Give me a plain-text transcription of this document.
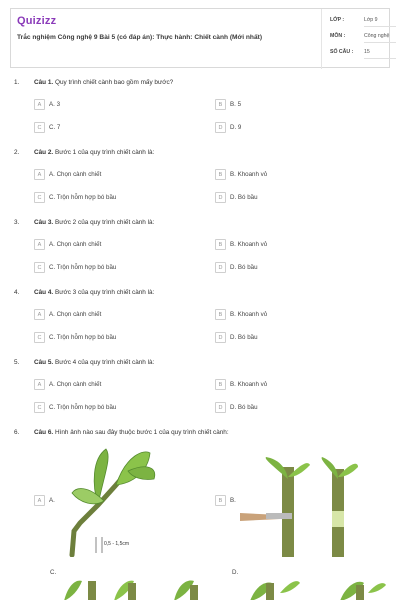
Quizizz
Trắc nghiệm Công nghệ 9 Bài 5 (có đáp án): Thực hành: Chiết cành (Mới nhất)
LỚP :	Lớp 9
MÔN :	Công nghệ
SỐ CÂU : 15
1. Câu 1. Quy trình chiết cành bao gồm mấy bước?
A	A. 3	B	B. 5
C	C. 7	D	D. 9
2. Câu 2. Bước 1 của quy trình chiết cành là:
A	A. Chọn cành chiết	B	B. Khoanh vỏ
C	C. Trộn hỗm hợp bó bầu	D	D. Bó bầu
3. Câu 3. Bước 2 của quy trình chiết cành là:
A	A. Chọn cành chiết	B	B. Khoanh vỏ
C	C. Trộn hỗm hợp bó bầu	D	D. Bó bầu
4. Câu 4. Bước 3 của quy trình chiết cành là:
A	A. Chọn cành chiết	B	B. Khoanh vỏ
C	C. Trộn hỗm hợp bó bầu	D	D. Bó bầu
5. Câu 5. Bước 4 của quy trình chiết cành là:
A	A. Chọn cành chiết	B	B. Khoanh vỏ
C	C. Trộn hỗm hợp bó bầu	D	D. Bó bầu
6. Câu 6. Hình ảnh nào sau đây thuộc bước 1 của quy trình chiết cành:
A	A.
0,5 - 1,5cm
B	B.
C.	D.
